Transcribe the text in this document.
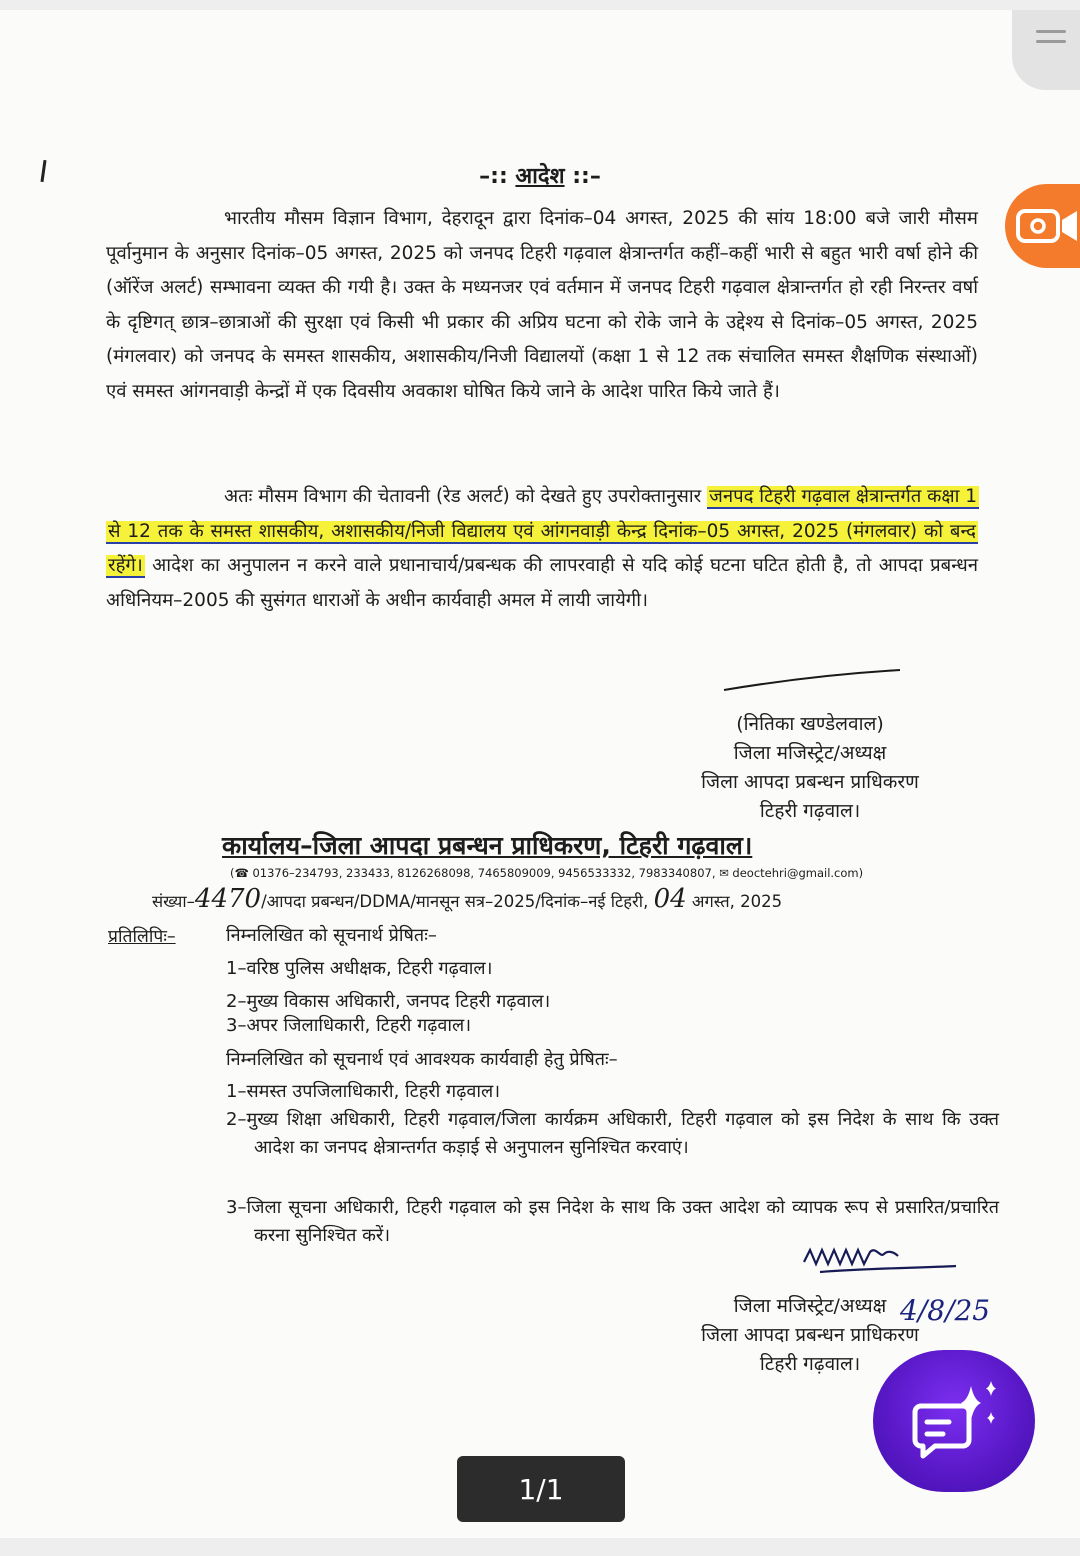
–:: आदेश ::–

भारतीय मौसम विज्ञान विभाग, देहरादून द्वारा दिनांक–04 अगस्त, 2025 की सांय 18:00 बजे जारी मौसम पूर्वानुमान के अनुसार दिनांक–05 अगस्त, 2025 को जनपद टिहरी गढ़वाल क्षेत्रान्तर्गत कहीं–कहीं भारी से बहुत भारी वर्षा होने की (ऑरेंज अलर्ट) सम्भावना व्यक्त की गयी है। उक्त के मध्यनजर एवं वर्तमान में जनपद टिहरी गढ़वाल क्षेत्रान्तर्गत हो रही निरन्तर वर्षा के दृष्टिगत् छात्र–छात्राओं की सुरक्षा एवं किसी भी प्रकार की अप्रिय घटना को रोके जाने के उद्देश्य से दिनांक–05 अगस्त, 2025 (मंगलवार) को जनपद के समस्त शासकीय, अशासकीय/निजी विद्यालयों (कक्षा 1 से 12 तक संचालित समस्त शैक्षणिक संस्थाओं) एवं समस्त आंगनवाड़ी केन्द्रों में एक दिवसीय अवकाश घोषित किये जाने के आदेश पारित किये जाते हैं।

अतः मौसम विभाग की चेतावनी (रेड अलर्ट) को देखते हुए उपरोक्तानुसार जनपद टिहरी गढ़वाल क्षेत्रान्तर्गत कक्षा 1 से 12 तक के समस्त शासकीय, अशासकीय/निजी विद्यालय एवं आंगनवाड़ी केन्द्र दिनांक–05 अगस्त, 2025 (मंगलवार) को बन्द रहेंगे। आदेश का अनुपालन न करने वाले प्रधानाचार्य/प्रबन्धक की लापरवाही से यदि कोई घटना घटित होती है, तो आपदा प्रबन्धन अधिनियम–2005 की सुसंगत धाराओं के अधीन कार्यवाही अमल में लायी जायेगी।

(नितिका खण्डेलवाल)
जिला मजिस्ट्रेट/अध्यक्ष
जिला आपदा प्रबन्धन प्राधिकरण
टिहरी गढ़वाल।
कार्यालय–जिला आपदा प्रबन्धन प्राधिकरण, टिहरी गढ़वाल।
(☎ 01376–234793, 233433, 8126268098, 7465809009, 9456533332, 7983340807, ✉ deoctehri@gmail.com)
संख्या–4470/आपदा प्रबन्धन/DDMA/मानसून सत्र–2025/दिनांक–नई टिहरी, 04 अगस्त, 2025
प्रतिलिपिः–	निम्नलिखित को सूचनार्थ प्रेषितः–

1–वरिष्ठ पुलिस अधीक्षक, टिहरी गढ़वाल।

2–मुख्य विकास अधिकारी, जनपद टिहरी गढ़वाल।

3–अपर जिलाधिकारी, टिहरी गढ़वाल।

निम्नलिखित को सूचनार्थ एवं आवश्यक कार्यवाही हेतु प्रेषितः–

1–समस्त उपजिलाधिकारी, टिहरी गढ़वाल।

2–मुख्य शिक्षा अधिकारी, टिहरी गढ़वाल/जिला कार्यक्रम अधिकारी, टिहरी गढ़वाल को इस निदेश के साथ कि उक्त आदेश का जनपद क्षेत्रान्तर्गत कड़ाई से अनुपालन सुनिश्चित करवाएं।

3–जिला सूचना अधिकारी, टिहरी गढ़वाल को इस निदेश के साथ कि उक्त आदेश को व्यापक रूप से प्रसारित/प्रचारित करना सुनिश्चित करें।

जिला मजिस्ट्रेट/अध्यक्ष
जिला आपदा प्रबन्धन प्राधिकरण
टिहरी गढ़वाल।
4/8/25
1/1
